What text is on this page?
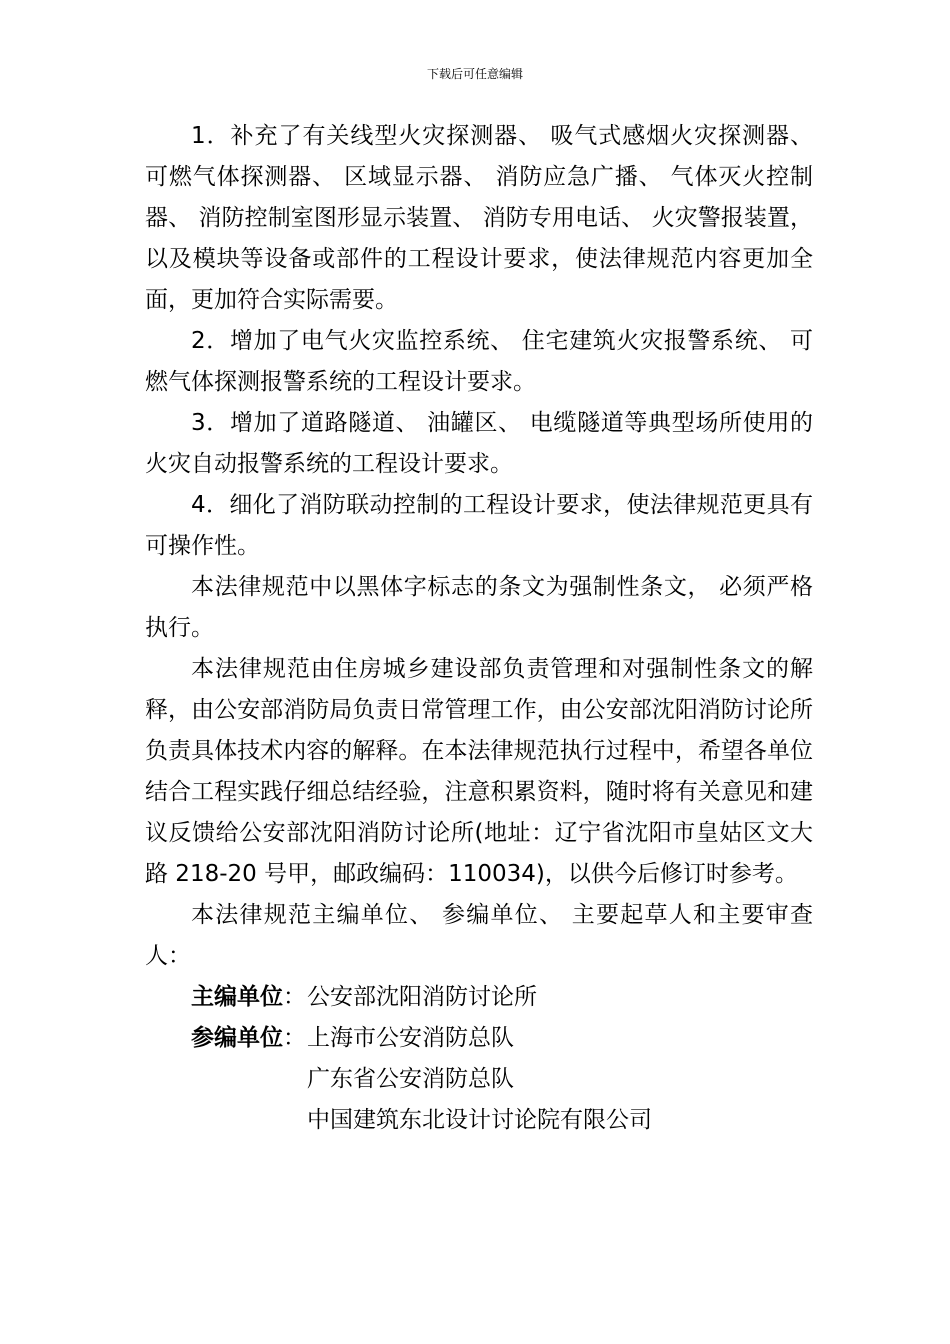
下载后可任意编辑

1．补充了有关线型火灾探测器、 吸气式感烟火灾探测器、 可燃气体探测器、 区域显示器、 消防应急广播、 气体灭火控制器、 消防控制室图形显示装置、 消防专用电话、 火灾警报装置， 以及模块等设备或部件的工程设计要求，使法律规范内容更加全面，更加符合实际需要。

2．增加了电气火灾监控系统、 住宅建筑火灾报警系统、 可燃气体探测报警系统的工程设计要求。

3．增加了道路隧道、 油罐区、 电缆隧道等典型场所使用的火灾自动报警系统的工程设计要求。

4．细化了消防联动控制的工程设计要求，使法律规范更具有可操作性。

本法律规范中以黑体字标志的条文为强制性条文， 必须严格执行。

本法律规范由住房城乡建设部负责管理和对强制性条文的解释，由公安部消防局负责日常管理工作，由公安部沈阳消防讨论所负责具体技术内容的解释。在本法律规范执行过程中，希望各单位结合工程实践仔细总结经验，注意积累资料，随时将有关意见和建议反馈给公安部沈阳消防讨论所(地址：辽宁省沈阳市皇姑区文大路 218-20 号甲，邮政编码：110034)，以供今后修订时参考。

本法律规范主编单位、 参编单位、 主要起草人和主要审查人：

主编单位： 公安部沈阳消防讨论所
参编单位： 上海市公安消防总队
广东省公安消防总队
中国建筑东北设计讨论院有限公司
